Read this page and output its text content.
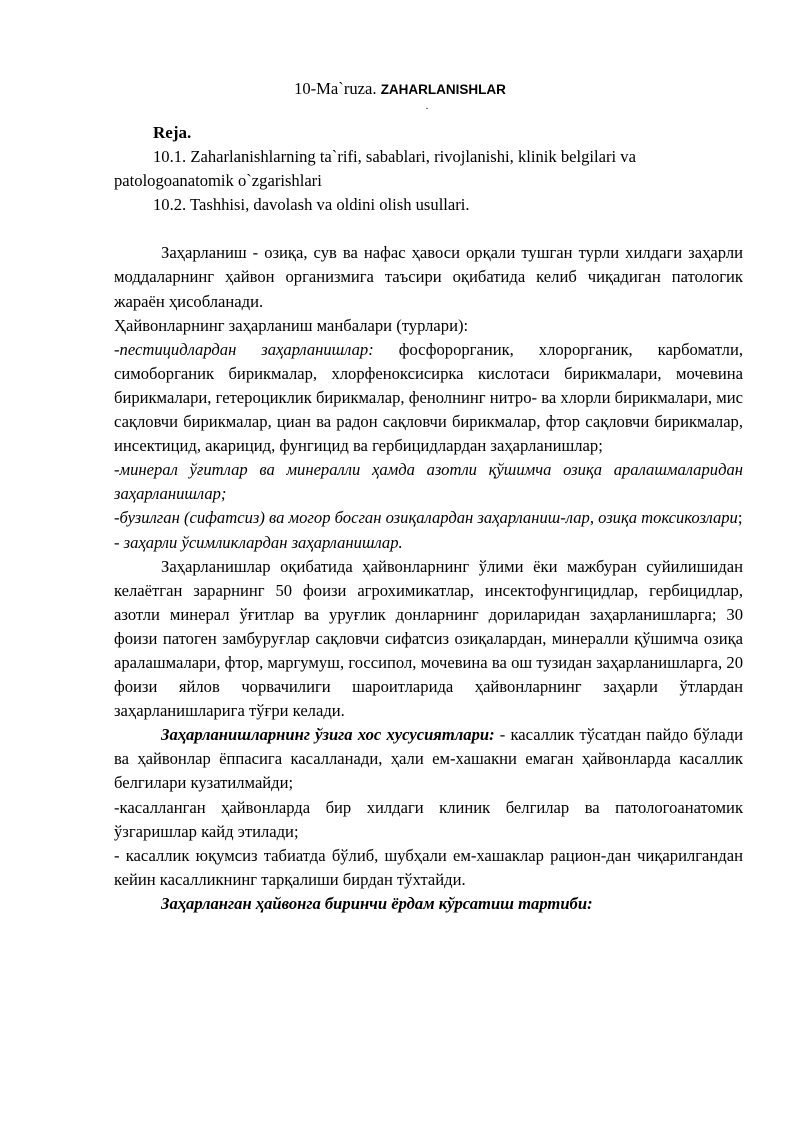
10-Ma`ruza. ZAHARLANISHLAR
.

Reja.

10.1. Zaharlanishlarning ta`rifi, sabablari, rivojlanishi, klinik belgilari va
patologoanatomik o`zgarishlari

10.2. Tashhisi, davolash va oldini olish usullari.

Заҳарланиш - озиқа, сув ва нафас ҳавоси орқали тушган турли хилдаги заҳарли моддаларнинг ҳайвон организмига таъсири оқибатида келиб чиқадиган патологик жараён ҳисобланади.

Ҳайвонларнинг заҳарланиш манбалари (турлари):

-пестицидлардан заҳарланишлар: фосфорорганик, хлорорганик, карбоматли, симоборганик бирикмалар, хлорфеноксисирка кислотаси бирикмалари, мочевина бирикмалари, гетероциклик бирикмалар, фенолнинг нитро- ва хлорли бирикмалари, мис сақловчи бирикмалар, циан ва радон сақловчи бирикмалар, фтор сақловчи бирикмалар, инсектицид, акарицид, фунгицид ва гербицидлардан заҳарланишлар;

-минерал ўғитлар ва минералли ҳамда азотли қўшимча озиқа аралашмаларидан заҳарланишлар;

-бузилган (сифатсиз) ва могор босган озиқалардан заҳарланиш-лар, озиқа токсикозлари;

- заҳарли ўсимликлардан заҳарланишлар.

Заҳарланишлар оқибатида ҳайвонларнинг ўлими ёки мажбуран суйилишидан келаётган зарарнинг 50 фоизи агрохимикатлар, инсектофунгицидлар, гербицидлар, азотли минерал ўғитлар ва уруғлик донларнинг дориларидан заҳарланишларга; 30 фоизи патоген замбуруғлар сақловчи сифатсиз озиқалардан, минералли қўшимча озиқа аралашмалари, фтор, маргумуш, госсипол, мочевина ва ош тузидан заҳарланишларга, 20 фоизи яйлов чорвачилиги шароитларида ҳайвонларнинг заҳарли ўтлардан заҳарланишларига тўғри келади.

Заҳарланишларнинг ўзига хос хусусиятлари: - касаллик тўсатдан пайдо бўлади ва ҳайвонлар ёппасига касалланади, ҳали ем-хашакни емаган ҳайвонларда касаллик белгилари кузатилмайди;

-касалланган ҳайвонларда бир хилдаги клиник белгилар ва патологоанатомик ўзгаришлар кайд этилади;

- касаллик юқумсиз табиатда бўлиб, шубҳали ем-хашаклар рацион-дан чиқарилгандан кейин касалликнинг тарқалиши бирдан тўхтайди.

Заҳарланган ҳайвонга биринчи ёрдам кўрсатиш тартиби:
